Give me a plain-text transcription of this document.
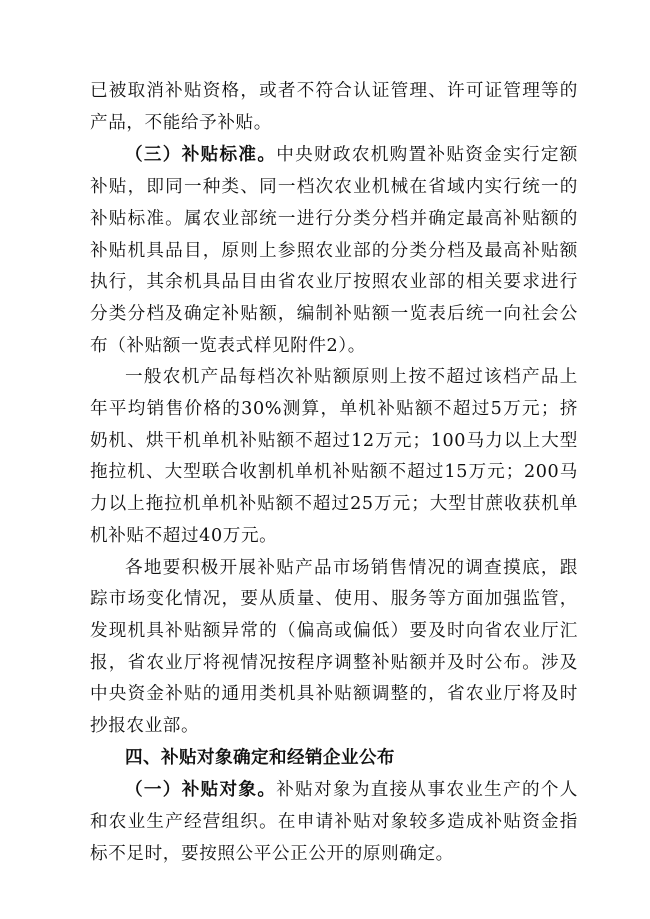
已被取消补贴资格，或者不符合认证管理、许可证管理等的产品，不能给予补贴。

（三）补贴标准。中央财政农机购置补贴资金实行定额补贴，即同一种类、同一档次农业机械在省域内实行统一的补贴标准。属农业部统一进行分类分档并确定最高补贴额的补贴机具品目，原则上参照农业部的分类分档及最高补贴额执行，其余机具品目由省农业厅按照农业部的相关要求进行分类分档及确定补贴额，编制补贴额一览表后统一向社会公布（补贴额一览表式样见附件2）。

一般农机产品每档次补贴额原则上按不超过该档产品上年平均销售价格的30%测算，单机补贴额不超过5万元；挤奶机、烘干机单机补贴额不超过12万元；100马力以上大型拖拉机、大型联合收割机单机补贴额不超过15万元；200马力以上拖拉机单机补贴额不超过25万元；大型甘蔗收获机单机补贴不超过40万元。

各地要积极开展补贴产品市场销售情况的调查摸底，跟踪市场变化情况，要从质量、使用、服务等方面加强监管，发现机具补贴额异常的（偏高或偏低）要及时向省农业厅汇报，省农业厅将视情况按程序调整补贴额并及时公布。涉及中央资金补贴的通用类机具补贴额调整的，省农业厅将及时抄报农业部。

四、补贴对象确定和经销企业公布

（一）补贴对象。补贴对象为直接从事农业生产的个人和农业生产经营组织。在申请补贴对象较多造成补贴资金指标不足时，要按照公平公正公开的原则确定。
